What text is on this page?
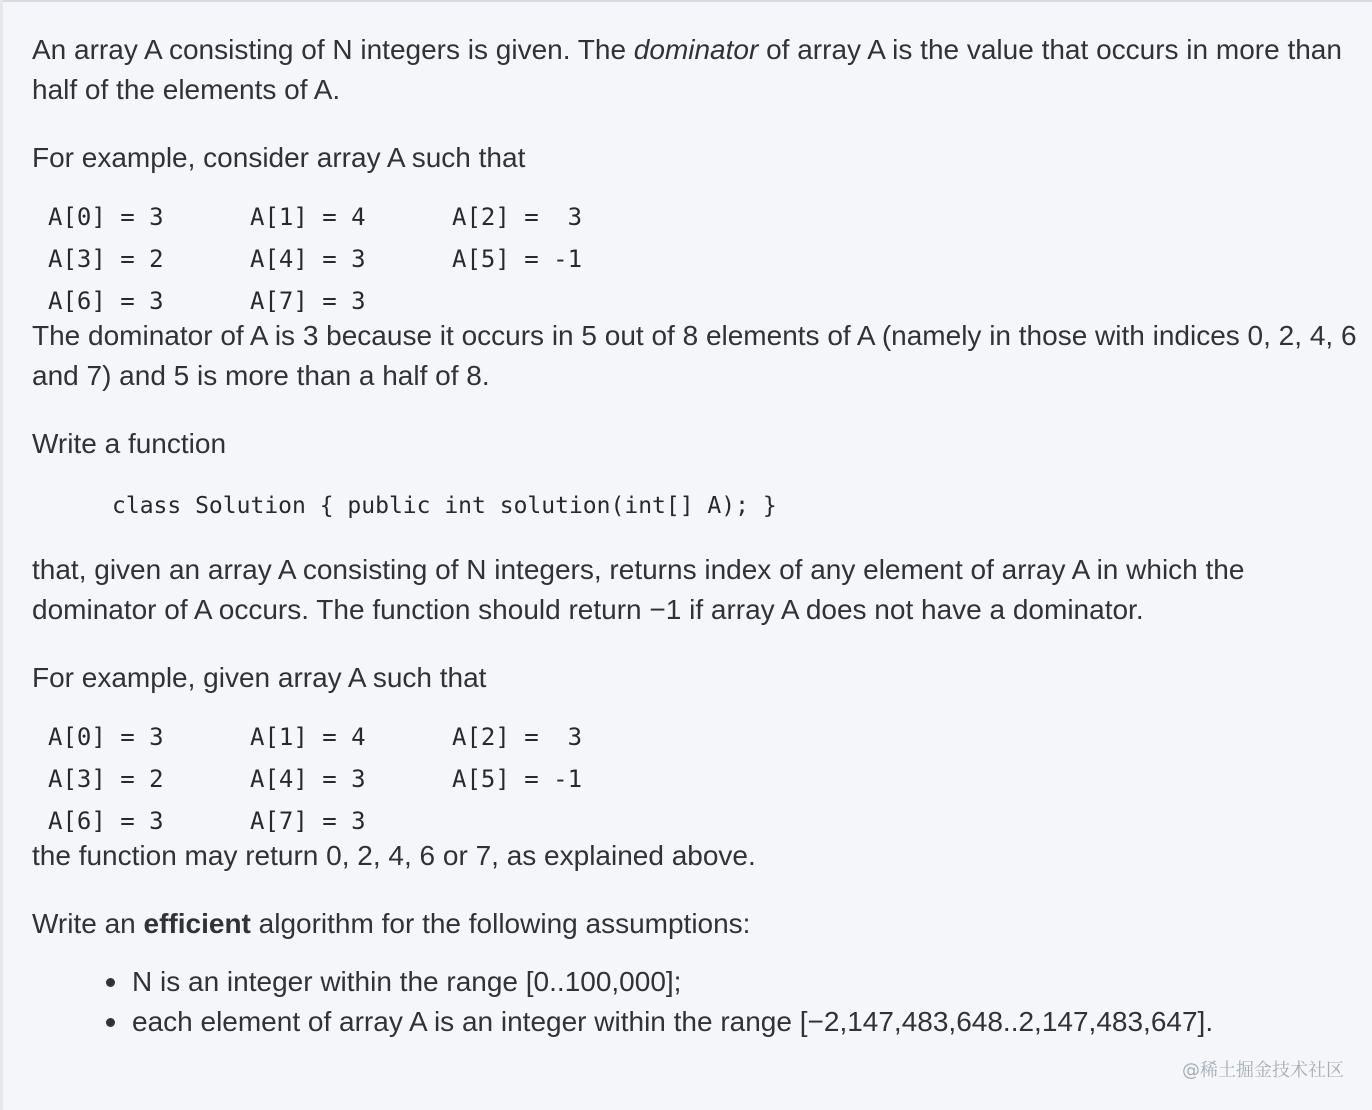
An array A consisting of N integers is given. The dominator of array A is the value that occurs in more than half of the elements of A.

For example, consider array A such that

A[0] = 3	A[1] = 4	A[2] =  3
A[3] = 2	A[4] = 3	A[5] = -1
A[6] = 3	A[7] = 3

The dominator of A is 3 because it occurs in 5 out of 8 elements of A (namely in those with indices 0, 2, 4, 6 and 7) and 5 is more than a half of 8.

Write a function

class Solution { public int solution(int[] A); }

that, given an array A consisting of N integers, returns index of any element of array A in which the dominator of A occurs. The function should return −1 if array A does not have a dominator.

For example, given array A such that

A[0] = 3	A[1] = 4	A[2] =  3
A[3] = 2	A[4] = 3	A[5] = -1
A[6] = 3	A[7] = 3

the function may return 0, 2, 4, 6 or 7, as explained above.

Write an efficient algorithm for the following assumptions:

N is an integer within the range [0..100,000];
each element of array A is an integer within the range [−2,147,483,648..2,147,483,647].
@稀土掘金技术社区
